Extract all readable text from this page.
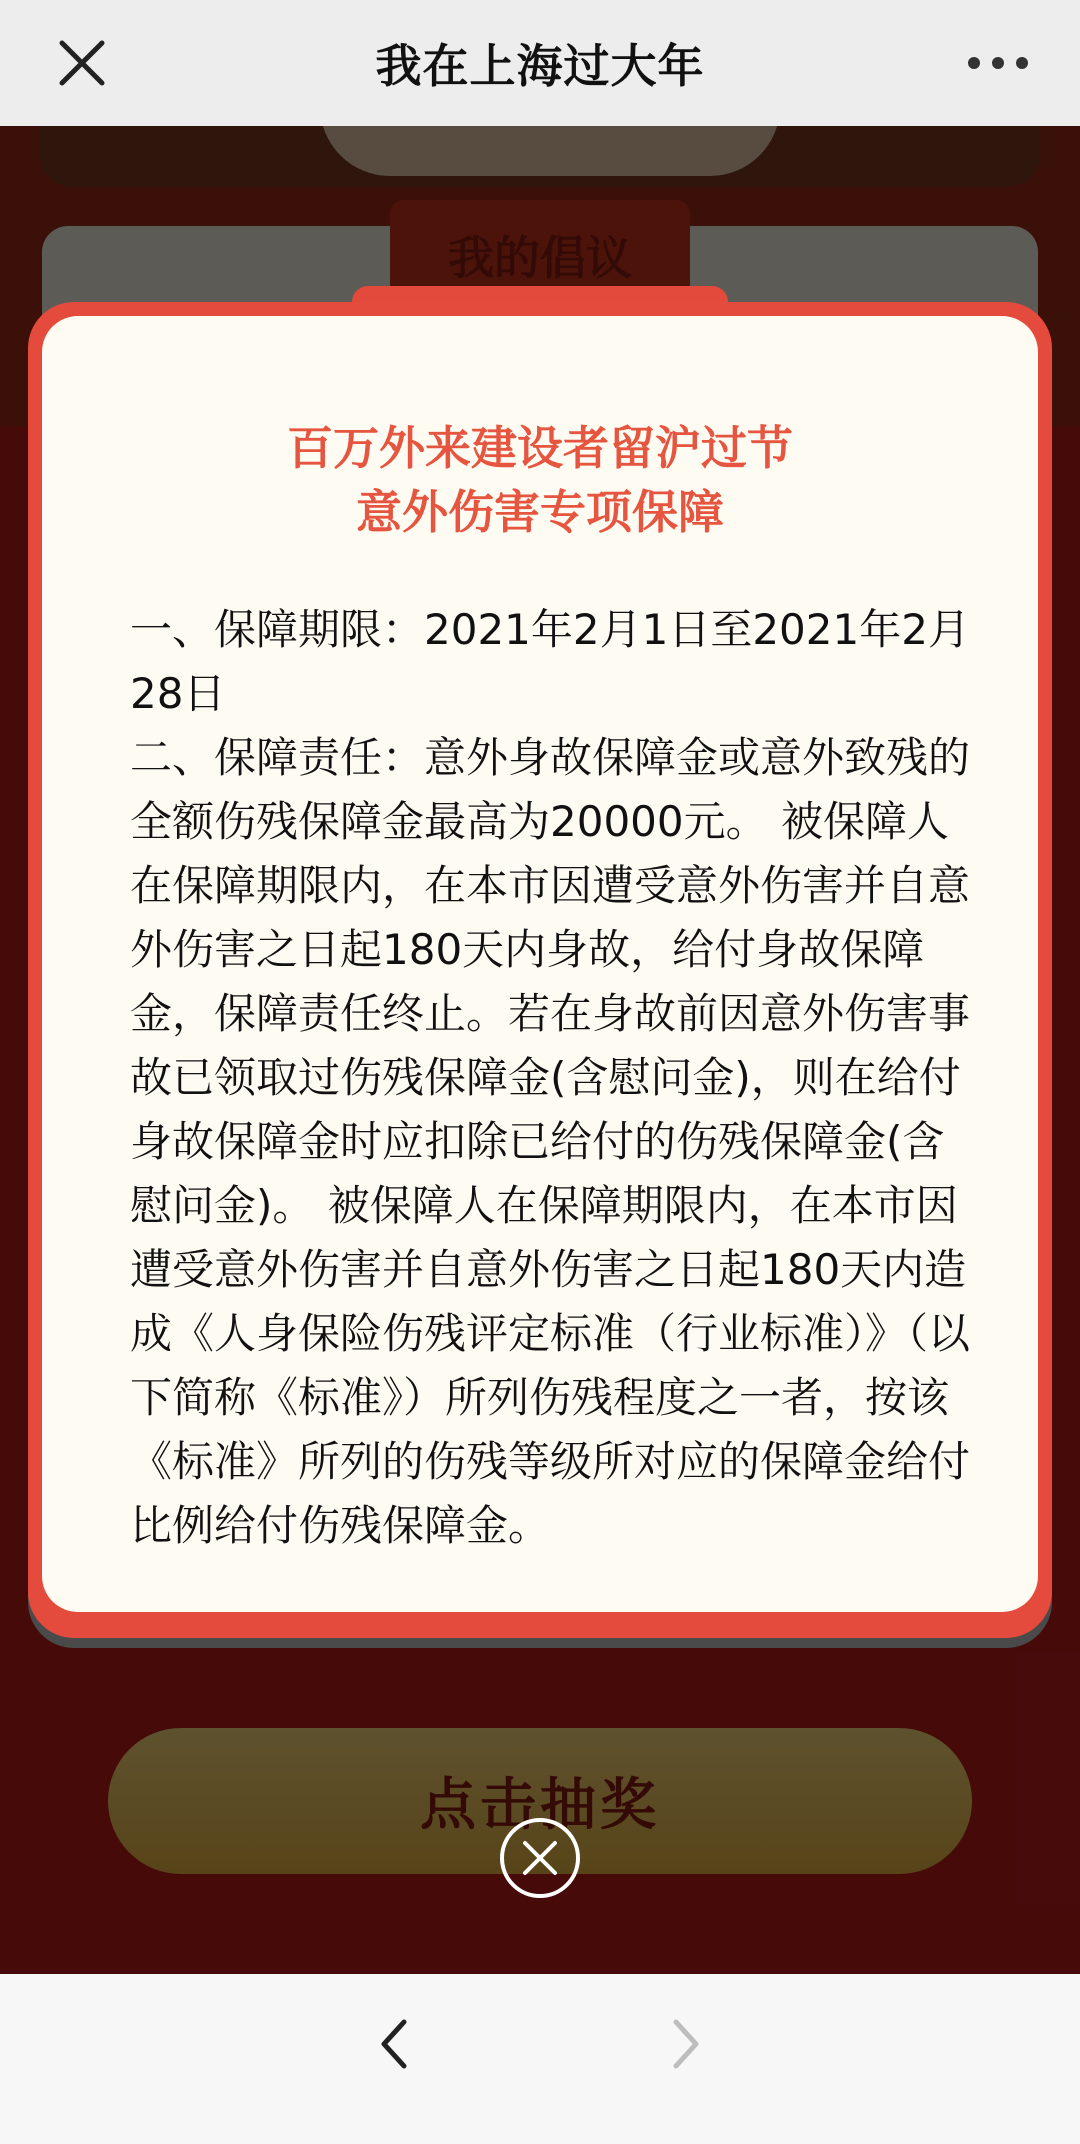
我在上海过大年
百万外来建设者留沪过节
意外伤害专项保障

一、保障期限：2021年2月1日至2021年2月28日
二、保障责任：意外身故保障金或意外致残的全额伤残保障金最高为20000元。 被保障人在保障期限内，在本市因遭受意外伤害并自意外伤害之日起180天内身故，给付身故保障金，保障责任终止。若在身故前因意外伤害事故已领取过伤残保障金(含慰问金)，则在给付身故保障金时应扣除已给付的伤残保障金(含慰问金)。 被保障人在保障期限内，在本市因遭受意外伤害并自意外伤害之日起180天内造成《人身保险伤残评定标准（行业标准）》（以下简称《标准》）所列伤残程度之一者，按该《标准》所列的伤残等级所对应的保障金给付比例给付伤残保障金。
